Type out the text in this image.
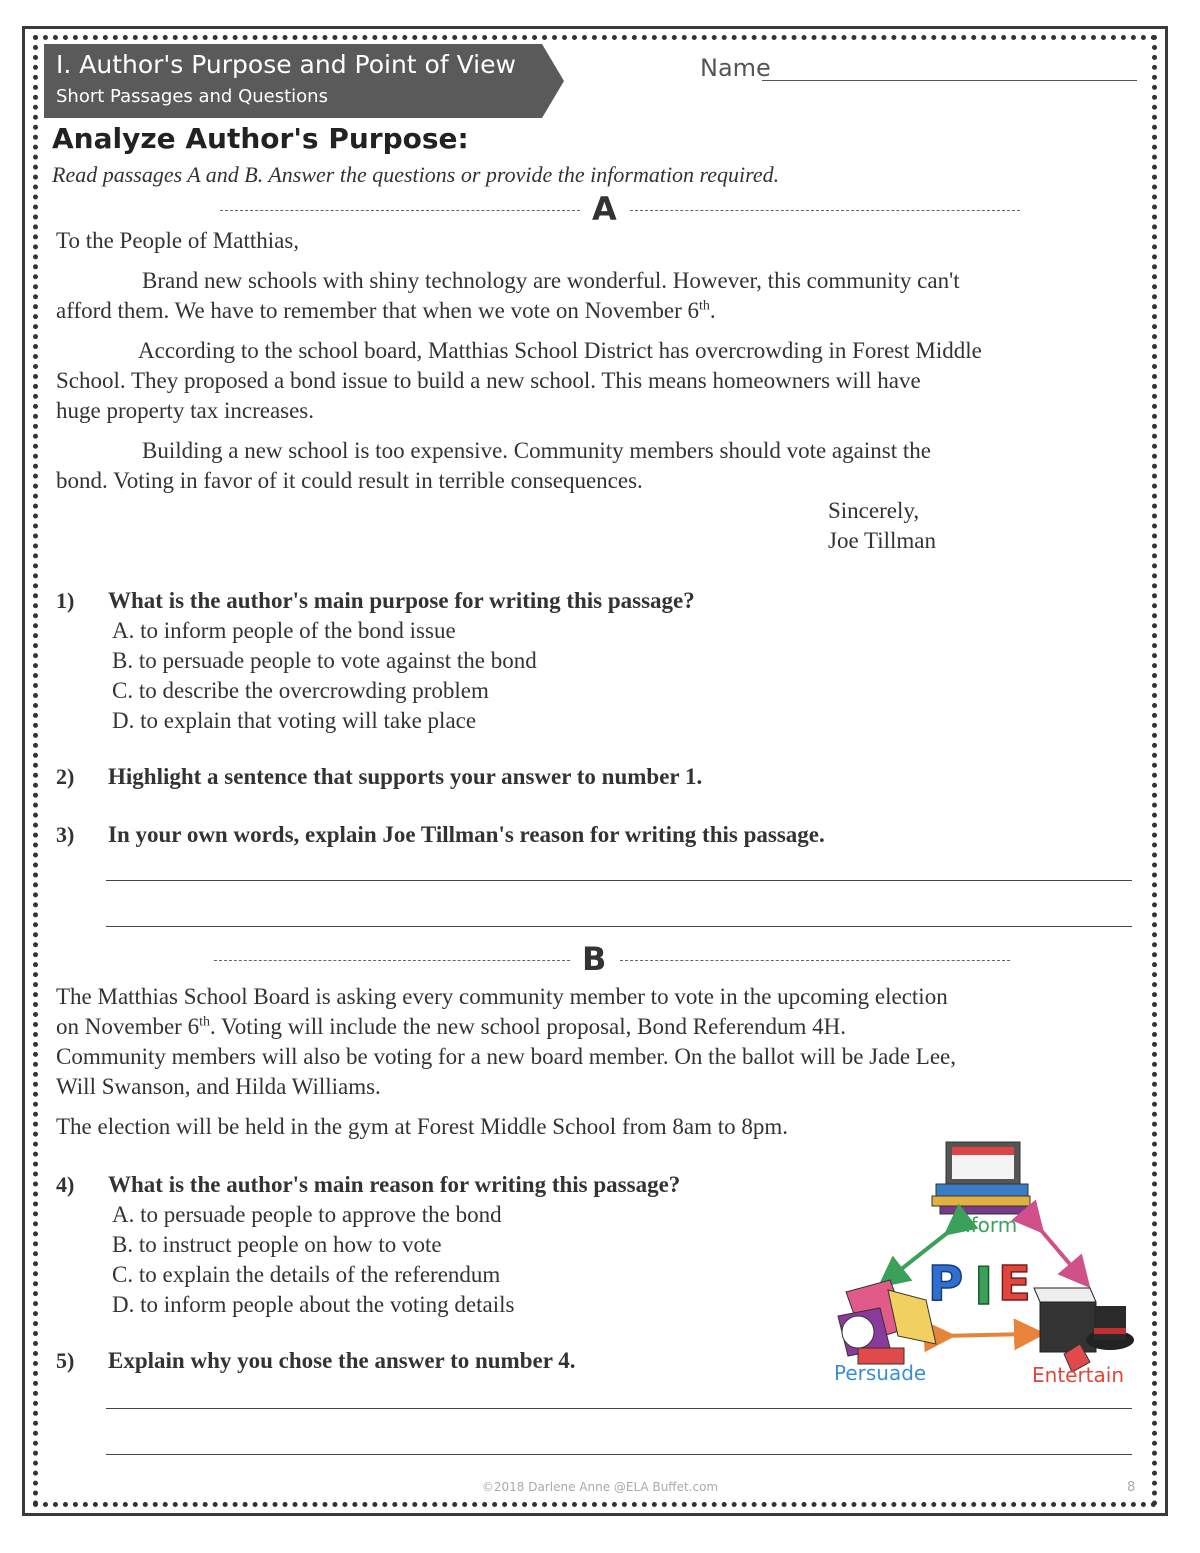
I. Author's Purpose and Point of View
Short Passages and Questions
Name
Analyze Author's Purpose:
Read passages A and B. Answer the questions or provide the information required.
A
To the People of Matthias,
Brand new schools with shiny technology are wonderful. However, this community can't
afford them. We have to remember that when we vote on November 6th.
According to the school board, Matthias School District has overcrowding in Forest Middle
School. They proposed a bond issue to build a new school. This means homeowners will have
huge property tax increases.
Building a new school is too expensive. Community members should vote against the
bond. Voting in favor of it could result in terrible consequences.
Sincerely,
Joe Tillman
1) What is the author's main purpose for writing this passage?
A. to inform people of the bond issue
B. to persuade people to vote against the bond
C. to describe the overcrowding problem
D. to explain that voting will take place
2) Highlight a sentence that supports your answer to number 1.
3) In your own words, explain Joe Tillman's reason for writing this passage.
B
The Matthias School Board is asking every community member to vote in the upcoming election
on November 6th. Voting will include the new school proposal, Bond Referendum 4H.
Community members will also be voting for a new board member. On the ballot will be Jade Lee,
Will Swanson, and Hilda Williams.
The election will be held in the gym at Forest Middle School from 8am to 8pm.
4) What is the author's main reason for writing this passage?
A. to persuade people to approve the bond
B. to instruct people on how to vote
C. to explain the details of the referendum
D. to inform people about the voting details
5) Explain why you chose the answer to number 4.
Inform
P I E
Persuade	Entertain
©2018 Darlene Anne @ELA Buffet.com	8
